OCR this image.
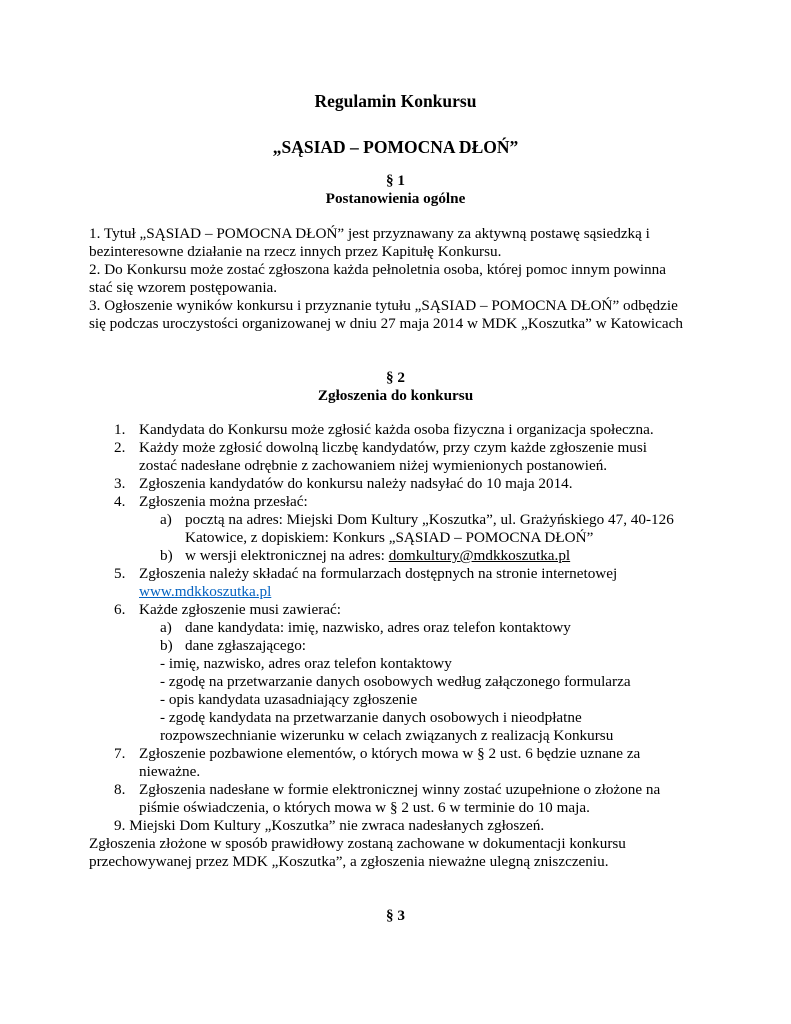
Regulamin Konkursu
„SĄSIAD – POMOCNA DŁOŃ”
§ 1
Postanowienia ogólne
1. Tytuł „SĄSIAD – POMOCNA DŁOŃ” jest przyznawany za aktywną postawę sąsiedzką i
bezinteresowne działanie na rzecz innych przez Kapitułę Konkursu.
2. Do Konkursu może zostać zgłoszona każda pełnoletnia osoba, której pomoc innym powinna
stać się wzorem postępowania.
3. Ogłoszenie wyników konkursu i przyznanie tytułu „SĄSIAD – POMOCNA DŁOŃ” odbędzie
się podczas uroczystości organizowanej w dniu 27 maja 2014 w MDK „Koszutka” w Katowicach
§ 2
Zgłoszenia do konkursu
1. Kandydata do Konkursu może zgłosić każda osoba fizyczna i organizacja społeczna.
2. Każdy może zgłosić dowolną liczbę kandydatów, przy czym każde zgłoszenie musi
zostać nadesłane odrębnie z zachowaniem niżej wymienionych postanowień.
3. Zgłoszenia kandydatów do konkursu należy nadsyłać do 10 maja 2014.
4. Zgłoszenia można przesłać:
a) pocztą na adres: Miejski Dom Kultury „Koszutka”, ul. Grażyńskiego 47, 40-126
Katowice, z dopiskiem: Konkurs „SĄSIAD – POMOCNA DŁOŃ”
b) w wersji elektronicznej na adres: domkultury@mdkkoszutka.pl
5. Zgłoszenia należy składać na formularzach dostępnych na stronie internetowej
www.mdkkoszutka.pl
6. Każde zgłoszenie musi zawierać:
a) dane kandydata: imię, nazwisko, adres oraz telefon kontaktowy
b) dane zgłaszającego:
- imię, nazwisko, adres oraz telefon kontaktowy
- zgodę na przetwarzanie danych osobowych według załączonego formularza
- opis kandydata uzasadniający zgłoszenie
- zgodę kandydata na przetwarzanie danych osobowych i nieodpłatne
rozpowszechnianie wizerunku w celach związanych z realizacją Konkursu
7. Zgłoszenie pozbawione elementów, o których mowa w § 2 ust. 6 będzie uznane za
nieważne.
8. Zgłoszenia nadesłane w formie elektronicznej winny zostać uzupełnione o złożone na
piśmie oświadczenia, o których mowa w § 2 ust. 6 w terminie do 10 maja.
9. Miejski Dom Kultury „Koszutka” nie zwraca nadesłanych zgłoszeń.
Zgłoszenia złożone w sposób prawidłowy zostaną zachowane w dokumentacji konkursu
przechowywanej przez MDK „Koszutka”, a zgłoszenia nieważne ulegną zniszczeniu.
§ 3
